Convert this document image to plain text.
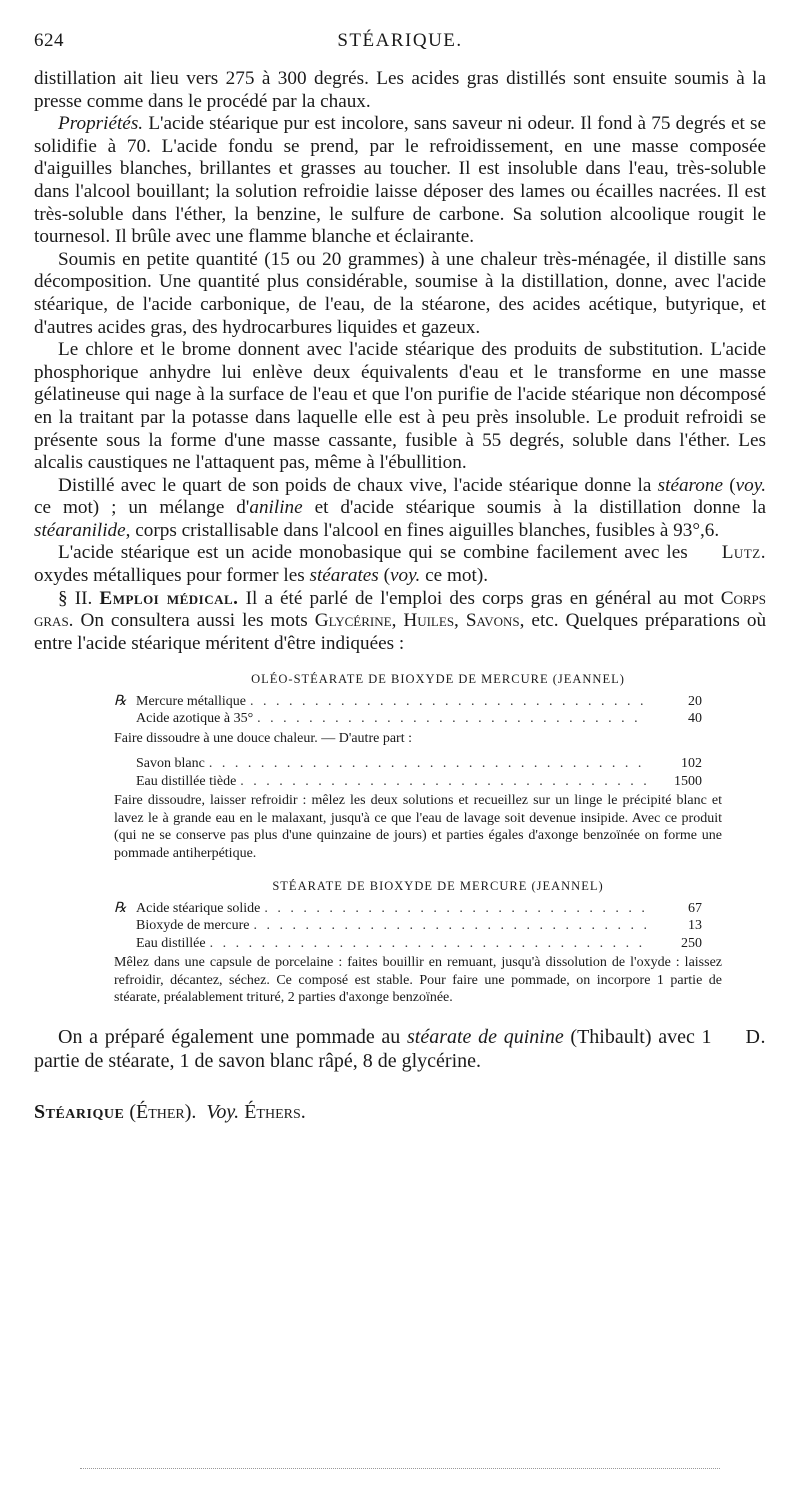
624	STÉARIQUE.

distillation ait lieu vers 275 à 300 degrés. Les acides gras distillés sont ensuite soumis à la presse comme dans le procédé par la chaux.

Propriétés. L'acide stéarique pur est incolore, sans saveur ni odeur. Il fond à 75 degrés et se solidifie à 70. L'acide fondu se prend, par le refroidissement, en une masse composée d'aiguilles blanches, brillantes et grasses au toucher. Il est insoluble dans l'eau, très-soluble dans l'alcool bouillant; la solution refroidie laisse déposer des lames ou écailles nacrées. Il est très-soluble dans l'éther, la benzine, le sulfure de carbone. Sa solution alcoolique rougit le tournesol. Il brûle avec une flamme blanche et éclairante.

Soumis en petite quantité (15 ou 20 grammes) à une chaleur très-ménagée, il distille sans décomposition. Une quantité plus considérable, soumise à la distillation, donne, avec l'acide stéarique, de l'acide carbonique, de l'eau, de la stéarone, des acides acétique, butyrique, et d'autres acides gras, des hydrocarbures liquides et gazeux.

Le chlore et le brome donnent avec l'acide stéarique des produits de substitution. L'acide phosphorique anhydre lui enlève deux équivalents d'eau et le transforme en une masse gélatineuse qui nage à la surface de l'eau et que l'on purifie de l'acide stéarique non décomposé en la traitant par la potasse dans laquelle elle est à peu près insoluble. Le produit refroidi se présente sous la forme d'une masse cassante, fusible à 55 degrés, soluble dans l'éther. Les alcalis caustiques ne l'attaquent pas, même à l'ébullition.

Distillé avec le quart de son poids de chaux vive, l'acide stéarique donne la stéarone (voy. ce mot) ; un mélange d'aniline et d'acide stéarique soumis à la distillation donne la stéaranilide, corps cristallisable dans l'alcool en fines aiguilles blanches, fusibles à 93°,6.

Lutz.
L'acide stéarique est un acide monobasique qui se combine facilement avec les oxydes métalliques pour former les stéarates (voy. ce mot).

§ II. Emploi médical. Il a été parlé de l'emploi des corps gras en général au mot Corps gras. On consultera aussi les mots Glycérine, Huiles, Savons, etc. Quelques préparations où entre l'acide stéarique méritent d'être indiquées :

OLÉO-STÉARATE DE BIOXYDE DE MERCURE (JEANNEL)
℞ Mercure métallique . . .	20
Acide azotique à 35° . . .	40
Faire dissoudre à une douce chaleur. — D'autre part :
Savon blanc . . .	102
Eau distillée tiède . . .	1500
Faire dissoudre, laisser refroidir : mêlez les deux solutions et recueillez sur un linge le précipité blanc et lavez le à grande eau en le malaxant, jusqu'à ce que l'eau de lavage soit devenue insipide. Avec ce produit (qui ne se conserve pas plus d'une quinzaine de jours) et parties égales d'axonge benzoïnée on forme une pommade antiherpétique.
STÉARATE DE BIOXYDE DE MERCURE (JEANNEL)
℞ Acide stéarique solide . . .	67
Bioxyde de mercure . . .	13
Eau distillée . . .	250
Mêlez dans une capsule de porcelaine : faites bouillir en remuant, jusqu'à dissolution de l'oxyde : laissez refroidir, décantez, séchez. Ce composé est stable. Pour faire une pommade, on incorpore 1 partie de stéarate, préalablement trituré, 2 parties d'axonge benzoïnée.

D.
On a préparé également une pommade au stéarate de quinine (Thibault) avec 1 partie de stéarate, 1 de savon blanc râpé, 8 de glycérine.

Stéarique (Éther). Voy. Éthers.
